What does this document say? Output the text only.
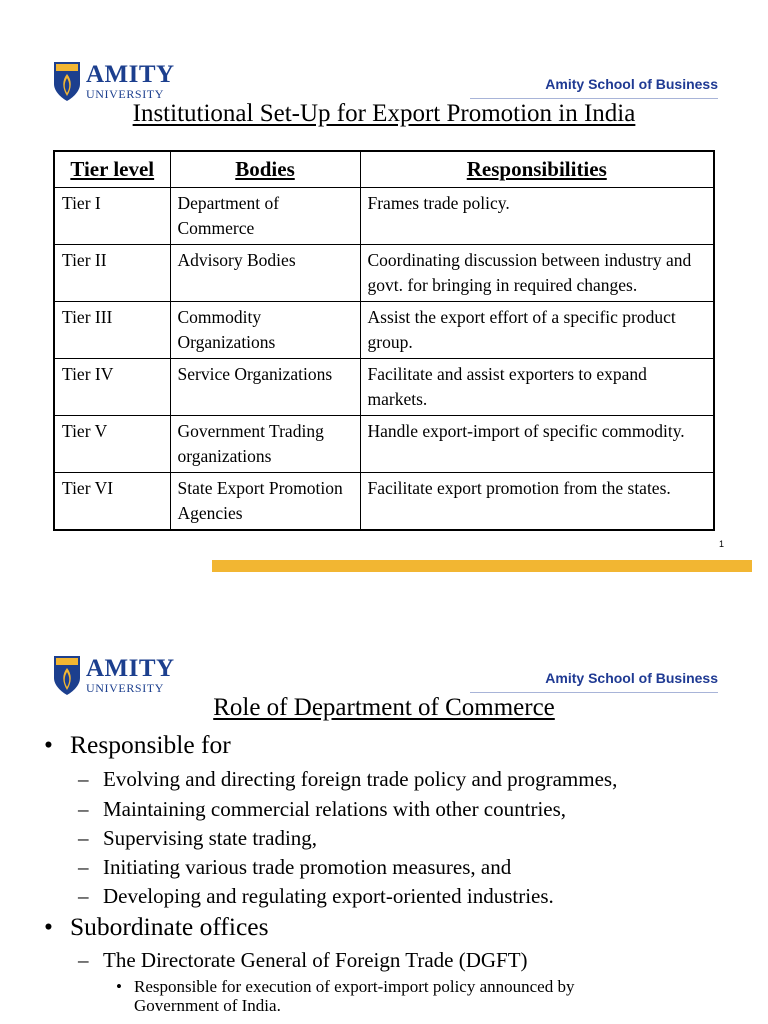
AMITY
UNIVERSITY
Amity School of Business
Institutional Set-Up for Export Promotion in India
Tier level	Bodies	Responsibilities
Tier I	Department of Commerce	Frames trade policy.
Tier II	Advisory Bodies	Coordinating discussion between industry and govt. for bringing in required changes.
Tier III	Commodity Organizations	Assist the export effort of a specific product group.
Tier IV	Service Organizations	Facilitate and assist exporters to expand markets.
Tier V	Government Trading organizations	Handle export-import of specific commodity.
Tier VI	State Export Promotion Agencies	Facilitate export promotion from the states.
1
AMITY
UNIVERSITY
Amity School of Business
Role of Department of Commerce
• Responsible for
– Evolving and directing foreign trade policy and programmes,
– Maintaining commercial relations with other countries,
– Supervising state trading,
– Initiating various trade promotion measures, and
– Developing and regulating export-oriented industries.
• Subordinate offices
– The Directorate General of Foreign Trade (DGFT)
• Responsible for execution of export-import policy announced by
Government of India.
